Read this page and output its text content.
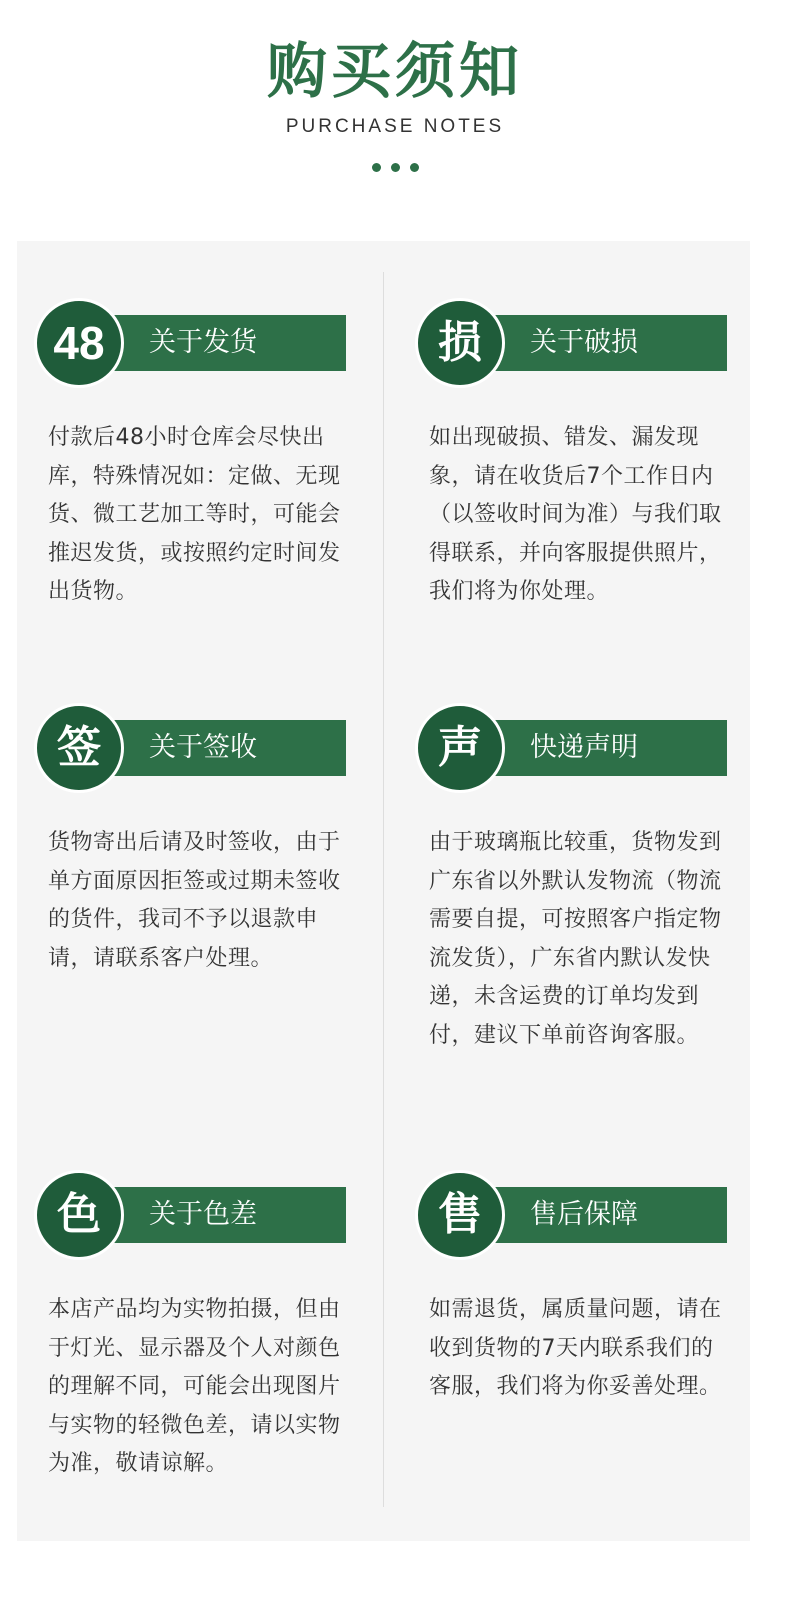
购买须知
PURCHASE NOTES

关于发货
48
付款后48小时仓库会尽快出库，特殊情况如：定做、无现货、微工艺加工等时，可能会推迟发货，或按照约定时间发出货物。
关于破损
损
如出现破损、错发、漏发现象，请在收货后7个工作日内（以签收时间为准）与我们取得联系，并向客服提供照片，我们将为你处理。
关于签收
签
货物寄出后请及时签收，由于单方面原因拒签或过期未签收的货件，我司不予以退款申请，请联系客户处理。
快递声明
声
由于玻璃瓶比较重，货物发到广东省以外默认发物流（物流需要自提，可按照客户指定物流发货），广东省内默认发快递，未含运费的订单均发到付，建议下单前咨询客服。
关于色差
色
本店产品均为实物拍摄，但由于灯光、显示器及个人对颜色的理解不同，可能会出现图片与实物的轻微色差，请以实物为准，敬请谅解。
售后保障
售
如需退货，属质量问题，请在收到货物的7天内联系我们的客服，我们将为你妥善处理。
